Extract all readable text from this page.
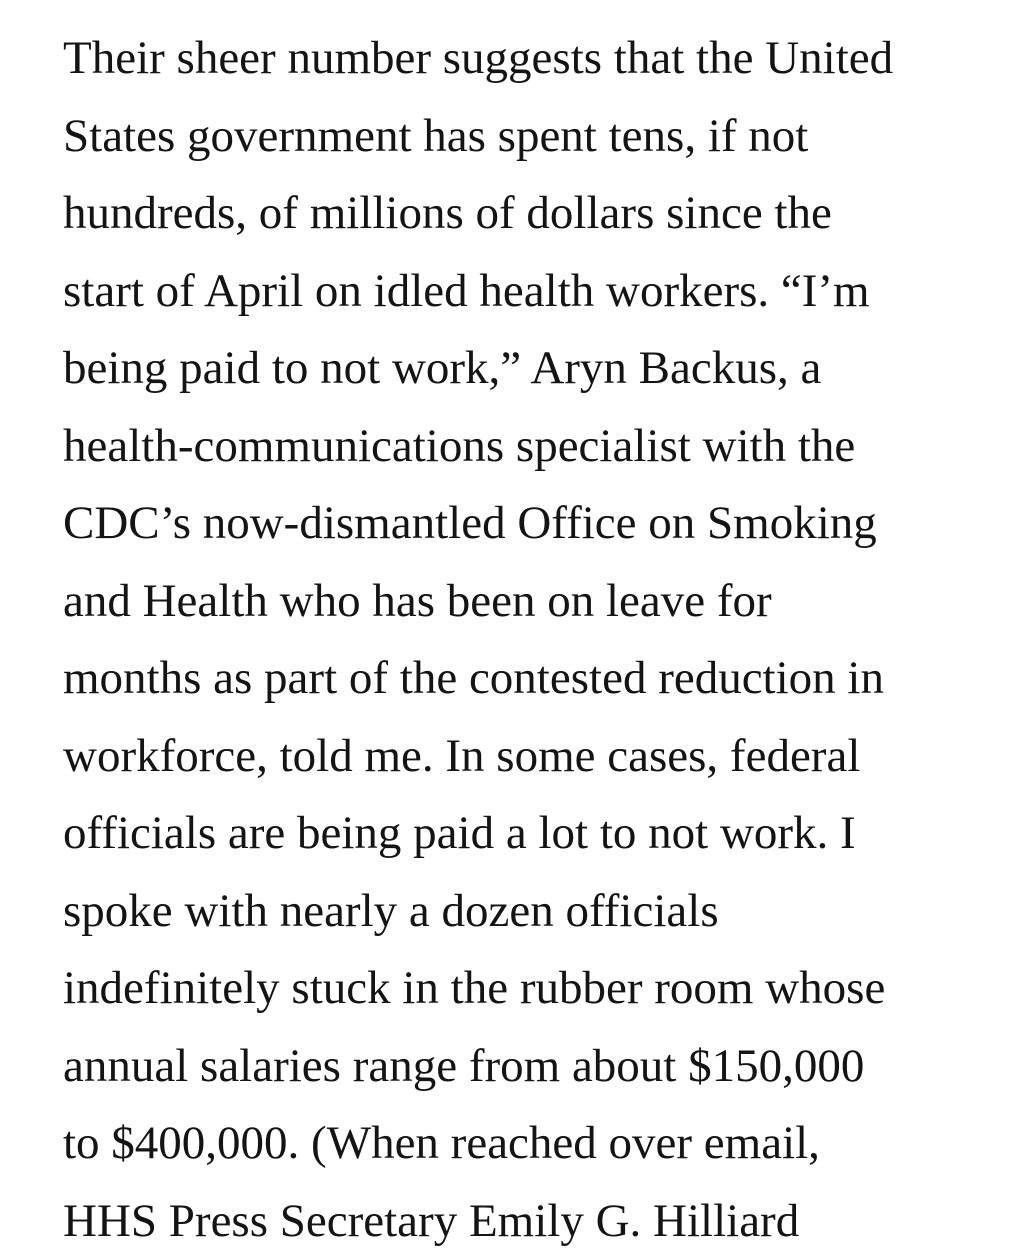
Their sheer number suggests that the United
States government has spent tens, if not
hundreds, of millions of dollars since the
start of April on idled health workers. “I’m
being paid to not work,” Aryn Backus, a
health-communications specialist with the
CDC’s now-dismantled Office on Smoking
and Health who has been on leave for
months as part of the contested reduction in
workforce, told me. In some cases, federal
officials are being paid a lot to not work. I
spoke with nearly a dozen officials
indefinitely stuck in the rubber room whose
annual salaries range from about $150,000
to $400,000. (When reached over email,
HHS Press Secretary Emily G. Hilliard
